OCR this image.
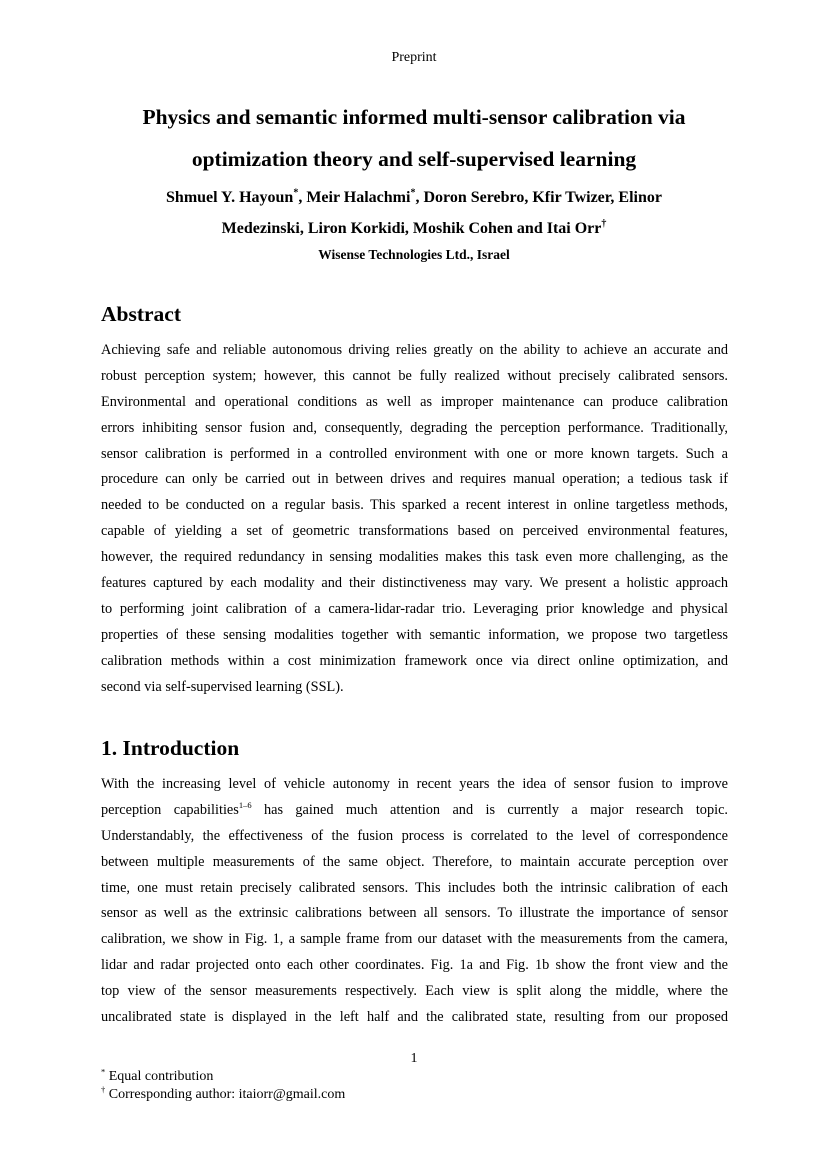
Preprint
Physics and semantic informed multi-sensor calibration via
optimization theory and self-supervised learning
Shmuel Y. Hayoun*, Meir Halachmi*, Doron Serebro, Kfir Twizer, Elinor
Medezinski, Liron Korkidi, Moshik Cohen and Itai Orr†
Wisense Technologies Ltd., Israel
Abstract
Achieving safe and reliable autonomous driving relies greatly on the ability to achieve an accurate and
robust perception system; however, this cannot be fully realized without precisely calibrated sensors.
Environmental and operational conditions as well as improper maintenance can produce calibration
errors inhibiting sensor fusion and, consequently, degrading the perception performance. Traditionally,
sensor calibration is performed in a controlled environment with one or more known targets. Such a
procedure can only be carried out in between drives and requires manual operation; a tedious task if
needed to be conducted on a regular basis. This sparked a recent interest in online targetless methods,
capable of yielding a set of geometric transformations based on perceived environmental features,
however, the required redundancy in sensing modalities makes this task even more challenging, as the
features captured by each modality and their distinctiveness may vary. We present a holistic approach
to performing joint calibration of a camera-lidar-radar trio. Leveraging prior knowledge and physical
properties of these sensing modalities together with semantic information, we propose two targetless
calibration methods within a cost minimization framework once via direct online optimization, and
second via self-supervised learning (SSL).
1. Introduction
With the increasing level of vehicle autonomy in recent years the idea of sensor fusion to improve
perception capabilities$^{1-6}$ has gained much attention and is currently a major research topic.
Understandably, the effectiveness of the fusion process is correlated to the level of correspondence
between multiple measurements of the same object. Therefore, to maintain accurate perception over
time, one must retain precisely calibrated sensors. This includes both the intrinsic calibration of each
sensor as well as the extrinsic calibrations between all sensors. To illustrate the importance of sensor
calibration, we show in Fig. 1, a sample frame from our dataset with the measurements from the camera,
lidar and radar projected onto each other coordinates. Fig. 1a and Fig. 1b show the front view and the
top view of the sensor measurements respectively. Each view is split along the middle, where the
uncalibrated state is displayed in the left half and the calibrated state, resulting from our proposed
1
* Equal contribution
† Corresponding author: itaiorr@gmail.com
